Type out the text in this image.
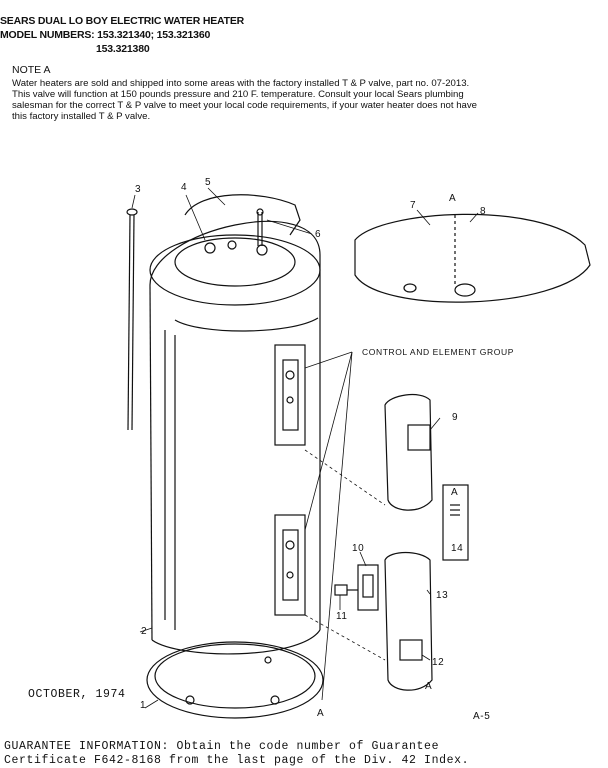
SEARS DUAL LO BOY ELECTRIC WATER HEATER
MODEL NUMBERS: 153.321340; 153.321360
153.321380
NOTE A
Water heaters are sold and shipped into some areas with the factory installed T & P valve, part no. 07-2013.
This valve will function at 150 pounds pressure and 210 F. temperature. Consult your local Sears plumbing
salesman for the correct T & P valve to meet your local code requirements, if your water heater does not have
this factory installed T & P valve.
3	4 5
6
7
A
8
CONTROL AND ELEMENT GROUP
9
A
14
10
11
13
12
A
2
1
A	A-5
OCTOBER, 1974
GUARANTEE INFORMATION: Obtain the code number of Guarantee
Certificate F642-8168 from the last page of the Div. 42 Index.
